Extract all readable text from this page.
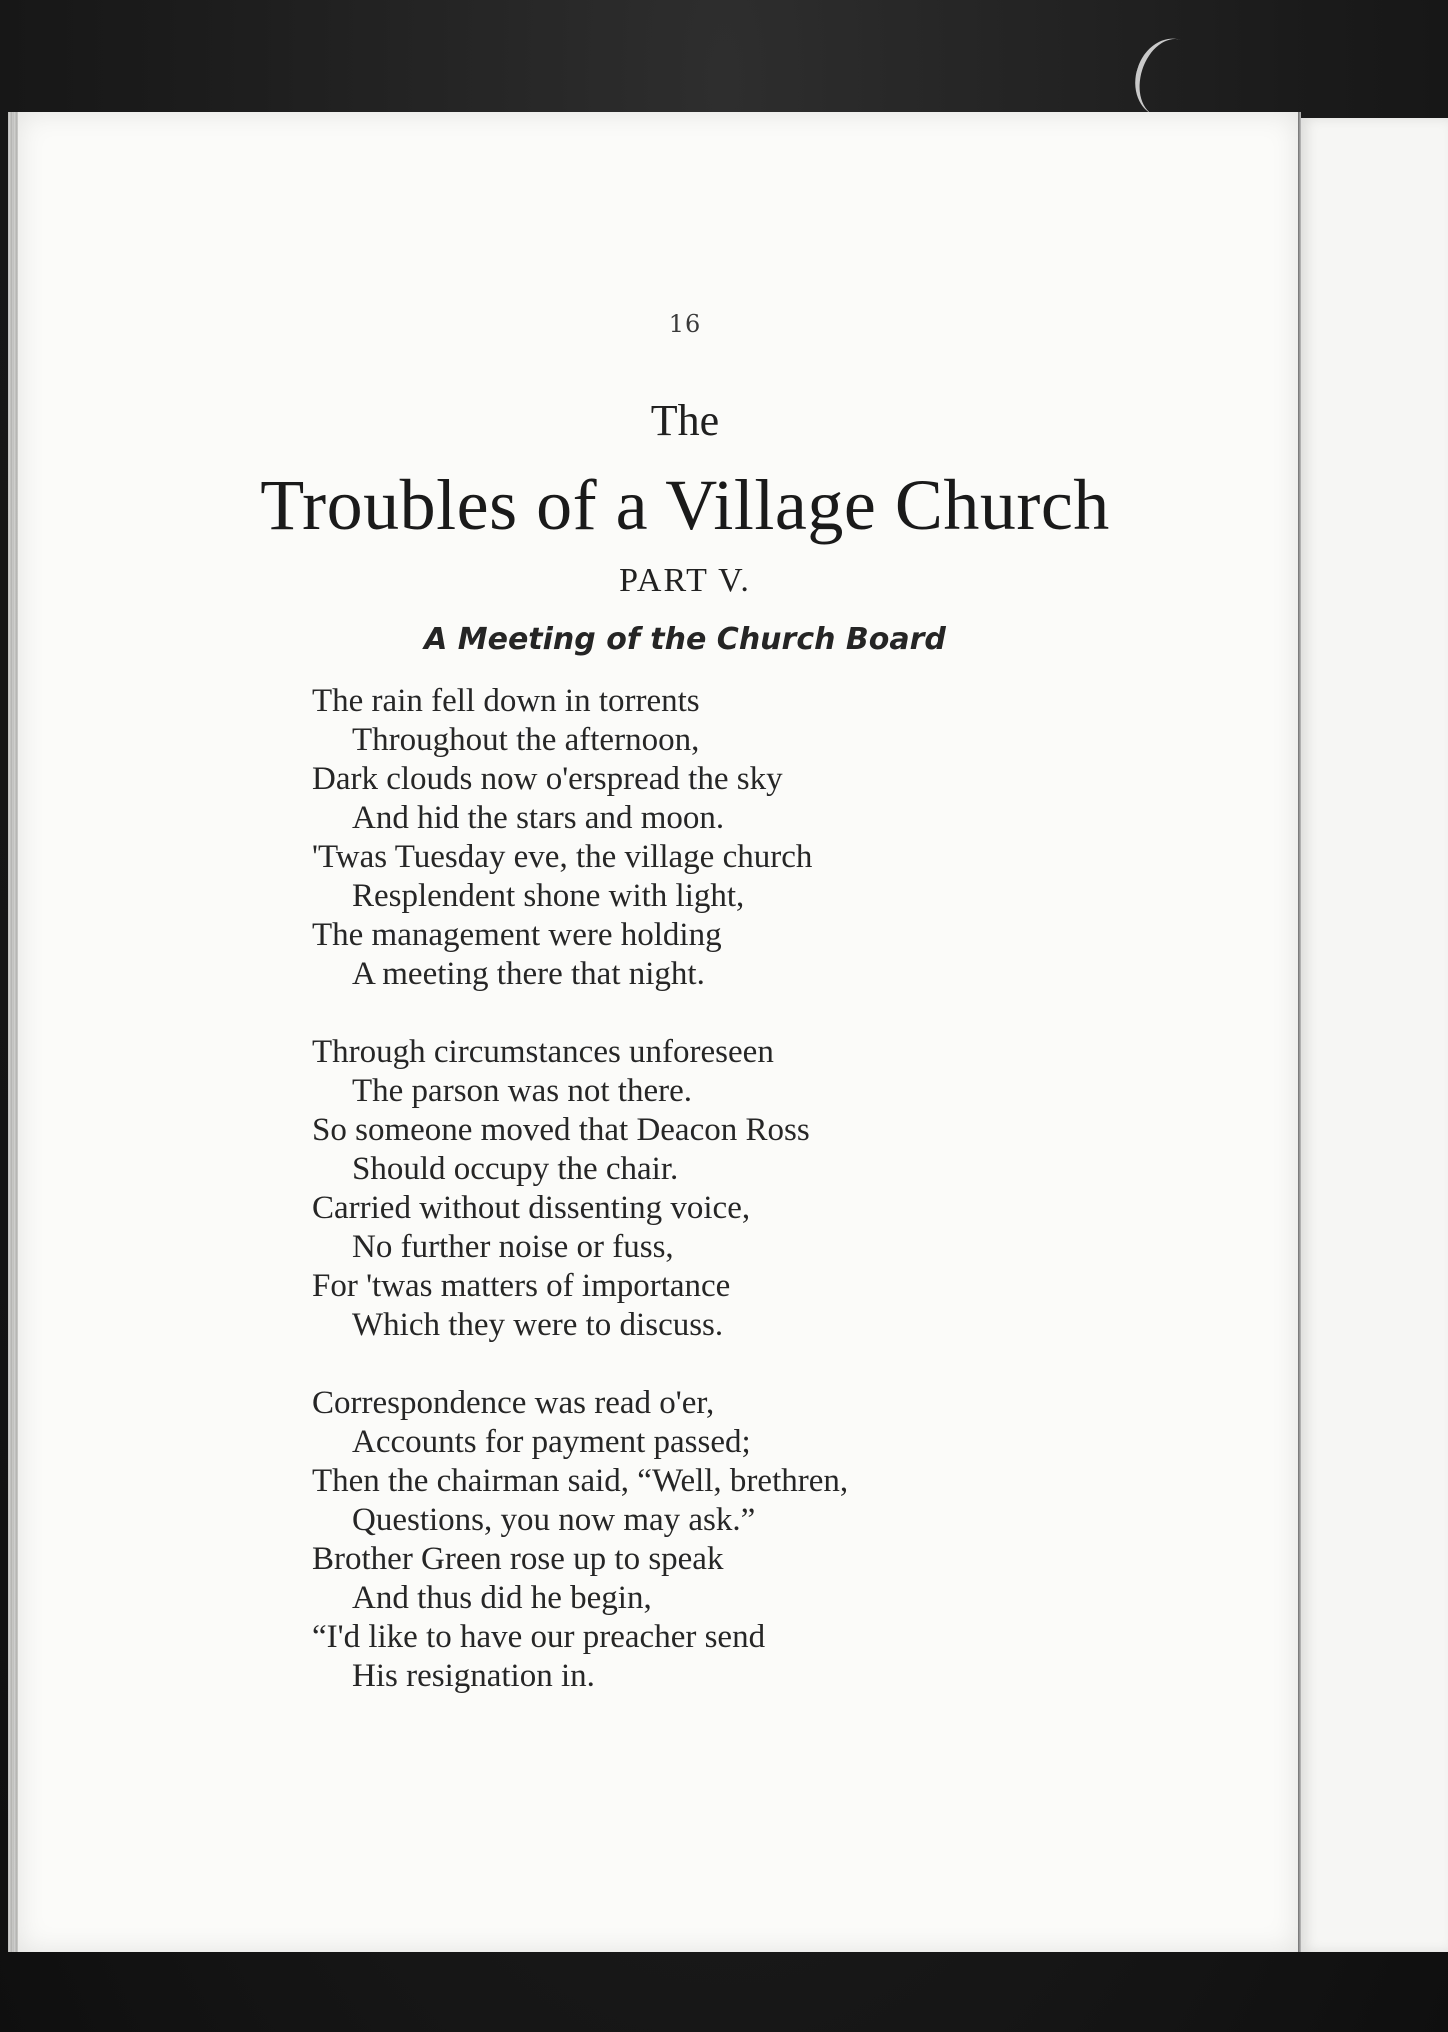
16
The
Troubles of a Village Church
PART V.
A Meeting of the Church Board
The rain fell down in torrents
Throughout the afternoon,
Dark clouds now o'erspread the sky
And hid the stars and moon.
'Twas Tuesday eve, the village church
Resplendent shone with light,
The management were holding
A meeting there that night.
Through circumstances unforeseen
The parson was not there.
So someone moved that Deacon Ross
Should occupy the chair.
Carried without dissenting voice,
No further noise or fuss,
For 'twas matters of importance
Which they were to discuss.
Correspondence was read o'er,
Accounts for payment passed;
Then the chairman said, “Well, brethren,
Questions, you now may ask.”
Brother Green rose up to speak
And thus did he begin,
“I'd like to have our preacher send
His resignation in.
